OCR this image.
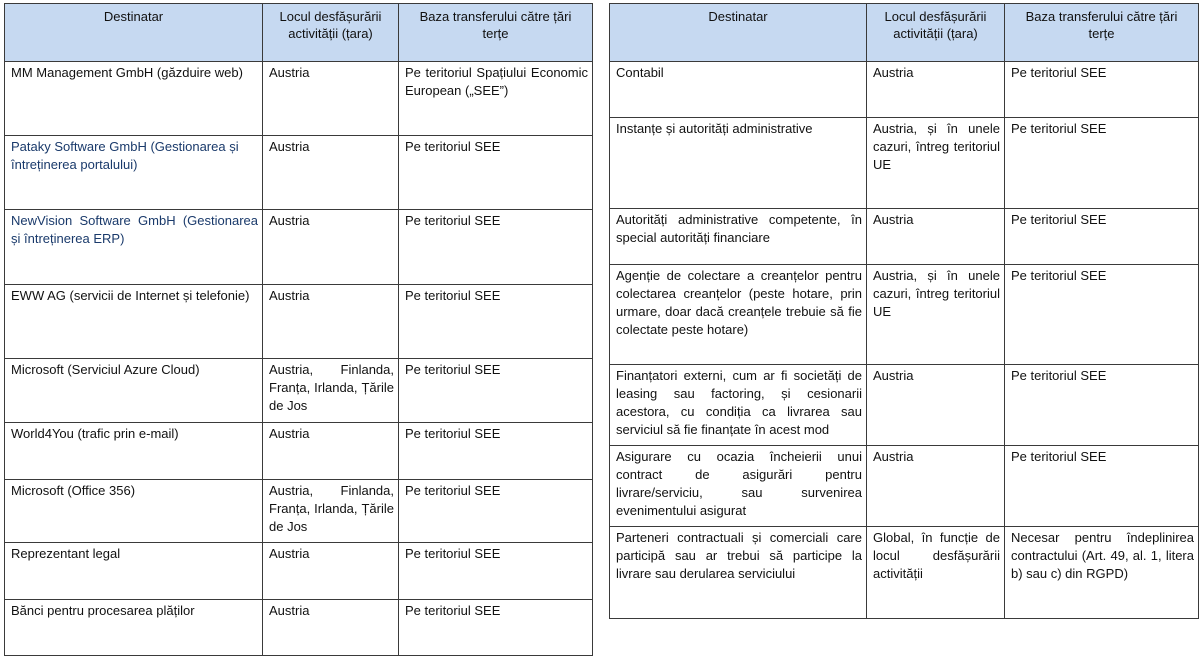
Destinatar	Locul desfășurării activității (țara)	Baza transferului către țări terțe
MM Management GmbH (găzduire web)	Austria	Pe teritoriul Spațiului Economic European („SEE”)
Pataky Software GmbH (Gestionarea și întreținerea portalului)	Austria	Pe teritoriul SEE
NewVision Software GmbH (Gestionarea și întreținerea ERP)	Austria	Pe teritoriul SEE
EWW AG (servicii de Internet și telefonie)	Austria	Pe teritoriul SEE
Microsoft (Serviciul Azure Cloud)	Austria, Finlanda, Franța, Irlanda, Țările de Jos	Pe teritoriul SEE
World4You (trafic prin e-mail)	Austria	Pe teritoriul SEE
Microsoft (Office 356)	Austria, Finlanda, Franța, Irlanda, Țările de Jos	Pe teritoriul SEE
Reprezentant legal	Austria	Pe teritoriul SEE
Bănci pentru procesarea plăților	Austria	Pe teritoriul SEE
Destinatar	Locul desfășurării activității (țara)	Baza transferului către țări terțe
Contabil	Austria	Pe teritoriul SEE
Instanțe și autorități administrative	Austria, și în unele cazuri, întreg teritoriul UE	Pe teritoriul SEE
Autorități administrative competente, în special autorități financiare	Austria	Pe teritoriul SEE
Agenție de colectare a creanțelor pentru colectarea creanțelor (peste hotare, prin urmare, doar dacă creanțele trebuie să fie colectate peste hotare)	Austria, și în unele cazuri, întreg teritoriul UE	Pe teritoriul SEE
Finanțatori externi, cum ar fi societăți de leasing sau factoring, și cesionarii acestora, cu condiția ca livrarea sau serviciul să fie finanțate în acest mod	Austria	Pe teritoriul SEE
Asigurare cu ocazia încheierii unui contract de asigurări pentru livrare/serviciu, sau survenirea evenimentului asigurat	Austria	Pe teritoriul SEE
Parteneri contractuali și comerciali care participă sau ar trebui să participe la livrare sau derularea serviciului	Global, în funcție de locul desfășurării activității	Necesar pentru îndeplinirea contractului (Art. 49, al. 1, litera b) sau c) din RGPD)
